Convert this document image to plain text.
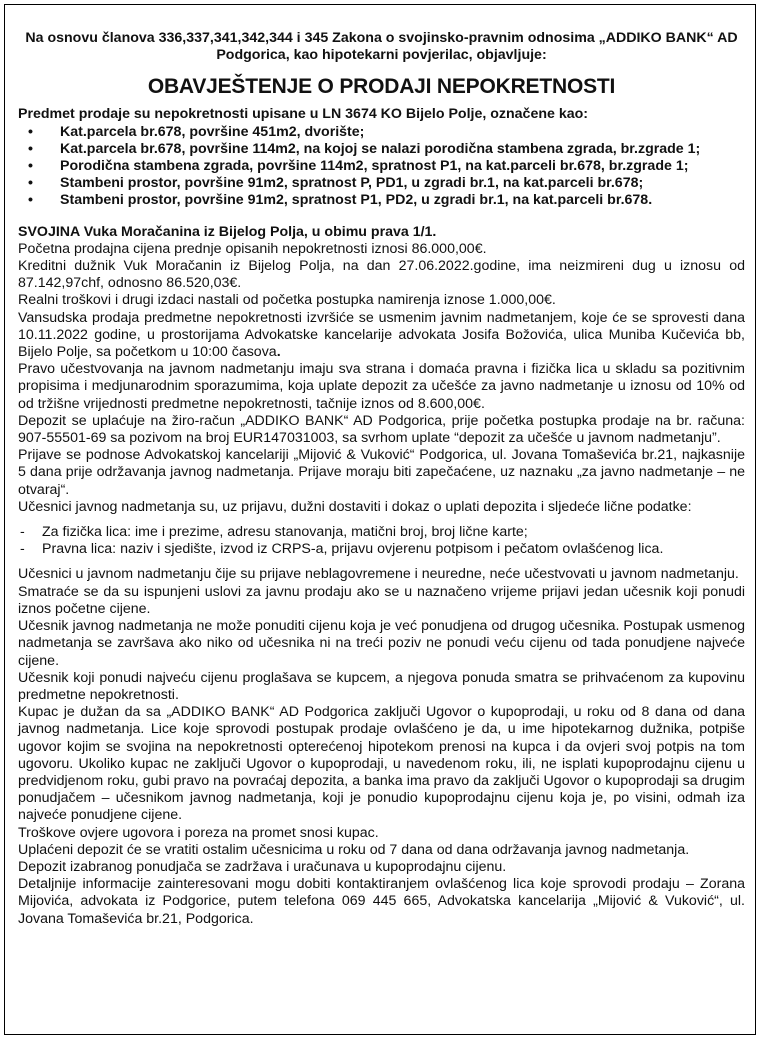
Na osnovu članova 336,337,341,342,344 i 345 Zakona o svojinsko-pravnim odnosima „ADDIKO BANK“ AD Podgorica, kao hipotekarni povjerilac, objavljuje:

OBAVJEŠTENJE O PRODAJI NEPOKRETNOSTI

Predmet prodaje su nepokretnosti upisane u LN 3674 KO Bijelo Polje, označene kao:

• Kat.parcela br.678, površine 451m2, dvorište;
• Kat.parcela br.678, površine 114m2, na kojoj se nalazi porodična stambena zgrada, br.zgrade 1;
• Porodična stambena zgrada, površine 114m2, spratnost P1, na kat.parceli br.678, br.zgrade 1;
• Stambeni prostor, površine 91m2, spratnost P, PD1, u zgradi br.1, na kat.parceli br.678;
• Stambeni prostor, površine 91m2, spratnost P1, PD2, u zgradi br.1, na kat.parceli br.678.

SVOJINA Vuka Moračanina iz Bijelog Polja, u obimu prava 1/1.

Početna prodajna cijena prednje opisanih nepokretnosti iznosi 86.000,00€.

Kreditni dužnik Vuk Moračanin iz Bijelog Polja, na dan 27.06.2022.godine, ima neizmireni dug u iznosu od 87.142,97chf, odnosno 86.520,03€.

Realni troškovi i drugi izdaci nastali od početka postupka namirenja iznose 1.000,00€.

Vansudska prodaja predmetne nepokretnosti izvršiće se usmenim javnim nadmetanjem, koje će se sprovesti dana 10.11.2022 godine, u prostorijama Advokatske kancelarije advokata Josifa Božovića, ulica Muniba Kučevića bb, Bijelo Polje, sa početkom u 10:00 časova.

Pravo učestvovanja na javnom nadmetanju imaju sva strana i domaća pravna i fizička lica u skladu sa pozitivnim propisima i medjunarodnim sporazumima, koja uplate depozit za učešće za javno nadmetanje u iznosu od 10% od od tržišne vrijednosti predmetne nepokretnosti, tačnije iznos od 8.600,00€.

Depozit se uplaćuje na žiro-račun „ADDIKO BANK“ AD Podgorica, prije početka postupka prodaje na br. računa: 907-55501-69 sa pozivom na broj EUR147031003, sa svrhom uplate “depozit za učešće u javnom nadmetanju”.

Prijave se podnose Advokatskoj kancelariji „Mijović & Vuković“ Podgorica, ul. Jovana Tomaševića br.21, najkasnije 5 dana prije održavanja javnog nadmetanja. Prijave moraju biti zapečaćene, uz naznaku „za javno nadmetanje – ne otvaraj“.

Učesnici javnog nadmetanja su, uz prijavu, dužni dostaviti i dokaz o uplati depozita i sljedeće lične podatke:

- Za fizička lica: ime i prezime, adresu stanovanja, matični broj, broj lične karte;
- Pravna lica: naziv i sjedište, izvod iz CRPS-a, prijavu ovjerenu potpisom i pečatom ovlašćenog lica.

Učesnici u javnom nadmetanju čije su prijave neblagovremene i neuredne, neće učestvovati u javnom nadmetanju.

Smatraće se da su ispunjeni uslovi za javnu prodaju ako se u naznačeno vrijeme prijavi jedan učesnik koji ponudi iznos početne cijene.

Učesnik javnog nadmetanja ne može ponuditi cijenu koja je već ponudjena od drugog učesnika. Postupak usmenog nadmetanja se završava ako niko od učesnika ni na treći poziv ne ponudi veću cijenu od tada ponudjene najveće cijene.

Učesnik koji ponudi najveću cijenu proglašava se kupcem, a njegova ponuda smatra se prihvaćenom za kupovinu predmetne nepokretnosti.

Kupac je dužan da sa „ADDIKO BANK“ AD Podgorica zaključi Ugovor o kupoprodaji, u roku od 8 dana od dana javnog nadmetanja. Lice koje sprovodi postupak prodaje ovlašćeno je da, u ime hipotekarnog dužnika, potpiše ugovor kojim se svojina na nepokretnosti opterećenoj hipotekom prenosi na kupca i da ovjeri svoj potpis na tom ugovoru. Ukoliko kupac ne zaključi Ugovor o kupoprodaji, u navedenom roku, ili, ne isplati kupoprodajnu cijenu u predvidjenom roku, gubi pravo na povraćaj depozita, a banka ima pravo da zaključi Ugovor o kupoprodaji sa drugim ponudjačem – učesnikom javnog nadmetanja, koji je ponudio kupoprodajnu cijenu koja je, po visini, odmah iza najveće ponudjene cijene.

Troškove ovjere ugovora i poreza na promet snosi kupac.

Uplaćeni depozit će se vratiti ostalim učesnicima u roku od 7 dana od dana održavanja javnog nadmetanja.

Depozit izabranog ponudjača se zadržava i uračunava u kupoprodajnu cijenu.

Detaljnije informacije zainteresovani mogu dobiti kontaktiranjem ovlašćenog lica koje sprovodi prodaju – Zorana Mijovića, advokata iz Podgorice, putem telefona 069 445 665, Advokatska kancelarija „Mijović & Vuković“, ul. Jovana Tomaševića br.21, Podgorica.
